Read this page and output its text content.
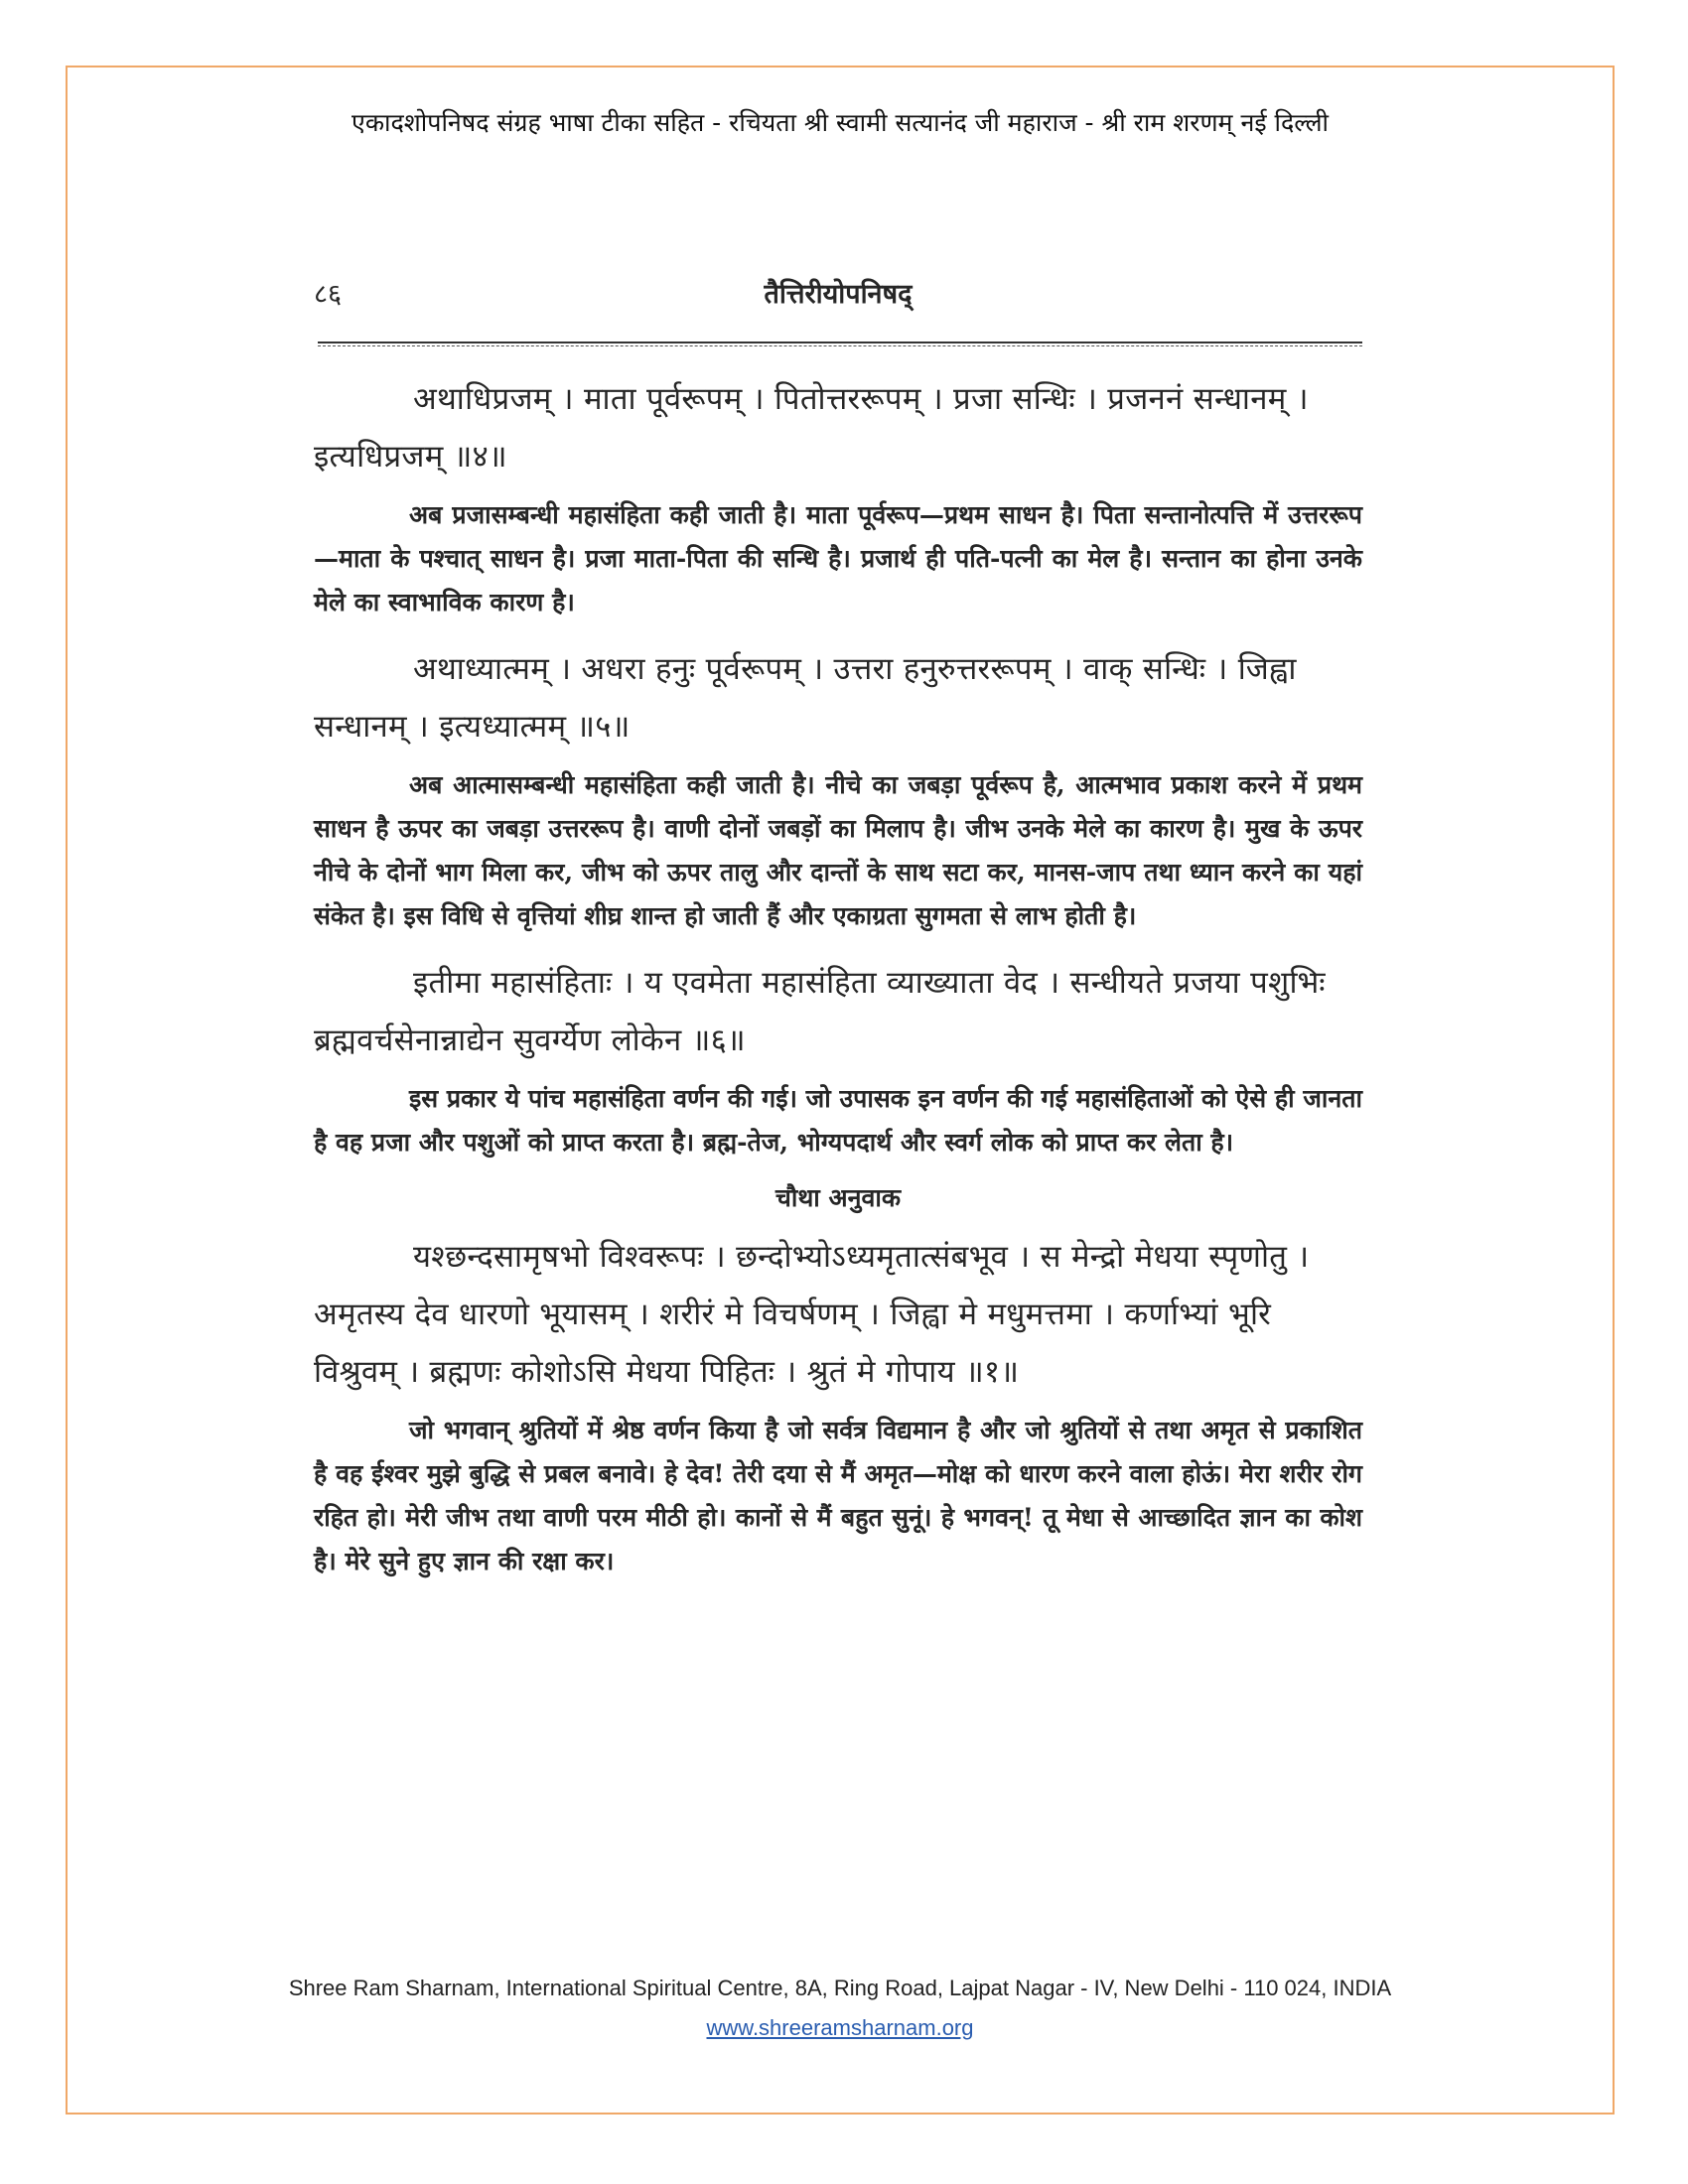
एकादशोपनिषद संग्रह भाषा टीका सहित - रचियता श्री स्वामी सत्यानंद जी महाराज - श्री राम शरणम् नई दिल्ली
८६	तैत्तिरीयोपनिषद्

अथाधिप्रजम् । माता पूर्वरूपम् । पितोत्तररूपम् । प्रजा सन्धिः । प्रजननं सन्धानम् । इत्यधिप्रजम् ॥४॥

अब प्रजासम्बन्धी महासंहिता कही जाती है। माता पूर्वरूप—प्रथम साधन है। पिता सन्तानोत्पत्ति में उत्तररूप—माता के पश्चात् साधन है। प्रजा माता-पिता की सन्धि है। प्रजार्थ ही पति-पत्नी का मेल है। सन्तान का होना उनके मेले का स्वाभाविक कारण है।

अथाध्यात्मम् । अधरा हनुः पूर्वरूपम् । उत्तरा हनुरुत्तररूपम् । वाक् सन्धिः । जिह्वा सन्धानम् । इत्यध्यात्मम् ॥५॥

अब आत्मासम्बन्धी महासंहिता कही जाती है। नीचे का जबड़ा पूर्वरूप है, आत्मभाव प्रकाश करने में प्रथम साधन है ऊपर का जबड़ा उत्तररूप है। वाणी दोनों जबड़ों का मिलाप है। जीभ उनके मेले का कारण है। मुख के ऊपर नीचे के दोनों भाग मिला कर, जीभ को ऊपर तालु और दान्तों के साथ सटा कर, मानस-जाप तथा ध्यान करने का यहां संकेत है। इस विधि से वृत्तियां शीघ्र शान्त हो जाती हैं और एकाग्रता सुगमता से लाभ होती है।

इतीमा महासंहिताः । य एवमेता महासंहिता व्याख्याता वेद । सन्धीयते प्रजया पशुभिः ब्रह्मवर्चसेनान्नाद्येन सुवर्ग्येण लोकेन ॥६॥

इस प्रकार ये पांच महासंहिता वर्णन की गई। जो उपासक इन वर्णन की गई महासंहिताओं को ऐसे ही जानता है वह प्रजा और पशुओं को प्राप्त करता है। ब्रह्म-तेज, भोग्यपदार्थ और स्वर्ग लोक को प्राप्त कर लेता है।

चौथा अनुवाक

यश्छन्दसामृषभो विश्वरूपः । छन्दोभ्योऽध्यमृतात्संबभूव । स मेन्द्रो मेधया स्पृणोतु । अमृतस्य देव धारणो भूयासम् । शरीरं मे विचर्षणम् । जिह्वा मे मधुमत्तमा । कर्णाभ्यां भूरि विश्रुवम् । ब्रह्मणः कोशोऽसि मेधया पिहितः । श्रुतं मे गोपाय ॥१॥

जो भगवान् श्रुतियों में श्रेष्ठ वर्णन किया है जो सर्वत्र विद्यमान है और जो श्रुतियों से तथा अमृत से प्रकाशित है वह ईश्वर मुझे बुद्धि से प्रबल बनावे। हे देव! तेरी दया से मैं अमृत—मोक्ष को धारण करने वाला होऊं। मेरा शरीर रोग रहित हो। मेरी जीभ तथा वाणी परम मीठी हो। कानों से मैं बहुत सुनूं। हे भगवन्! तू मेधा से आच्छादित ज्ञान का कोश है। मेरे सुने हुए ज्ञान की रक्षा कर।

Shree Ram Sharnam, International Spiritual Centre, 8A, Ring Road, Lajpat Nagar - IV, New Delhi - 110 024, INDIA
www.shreeramsharnam.org
